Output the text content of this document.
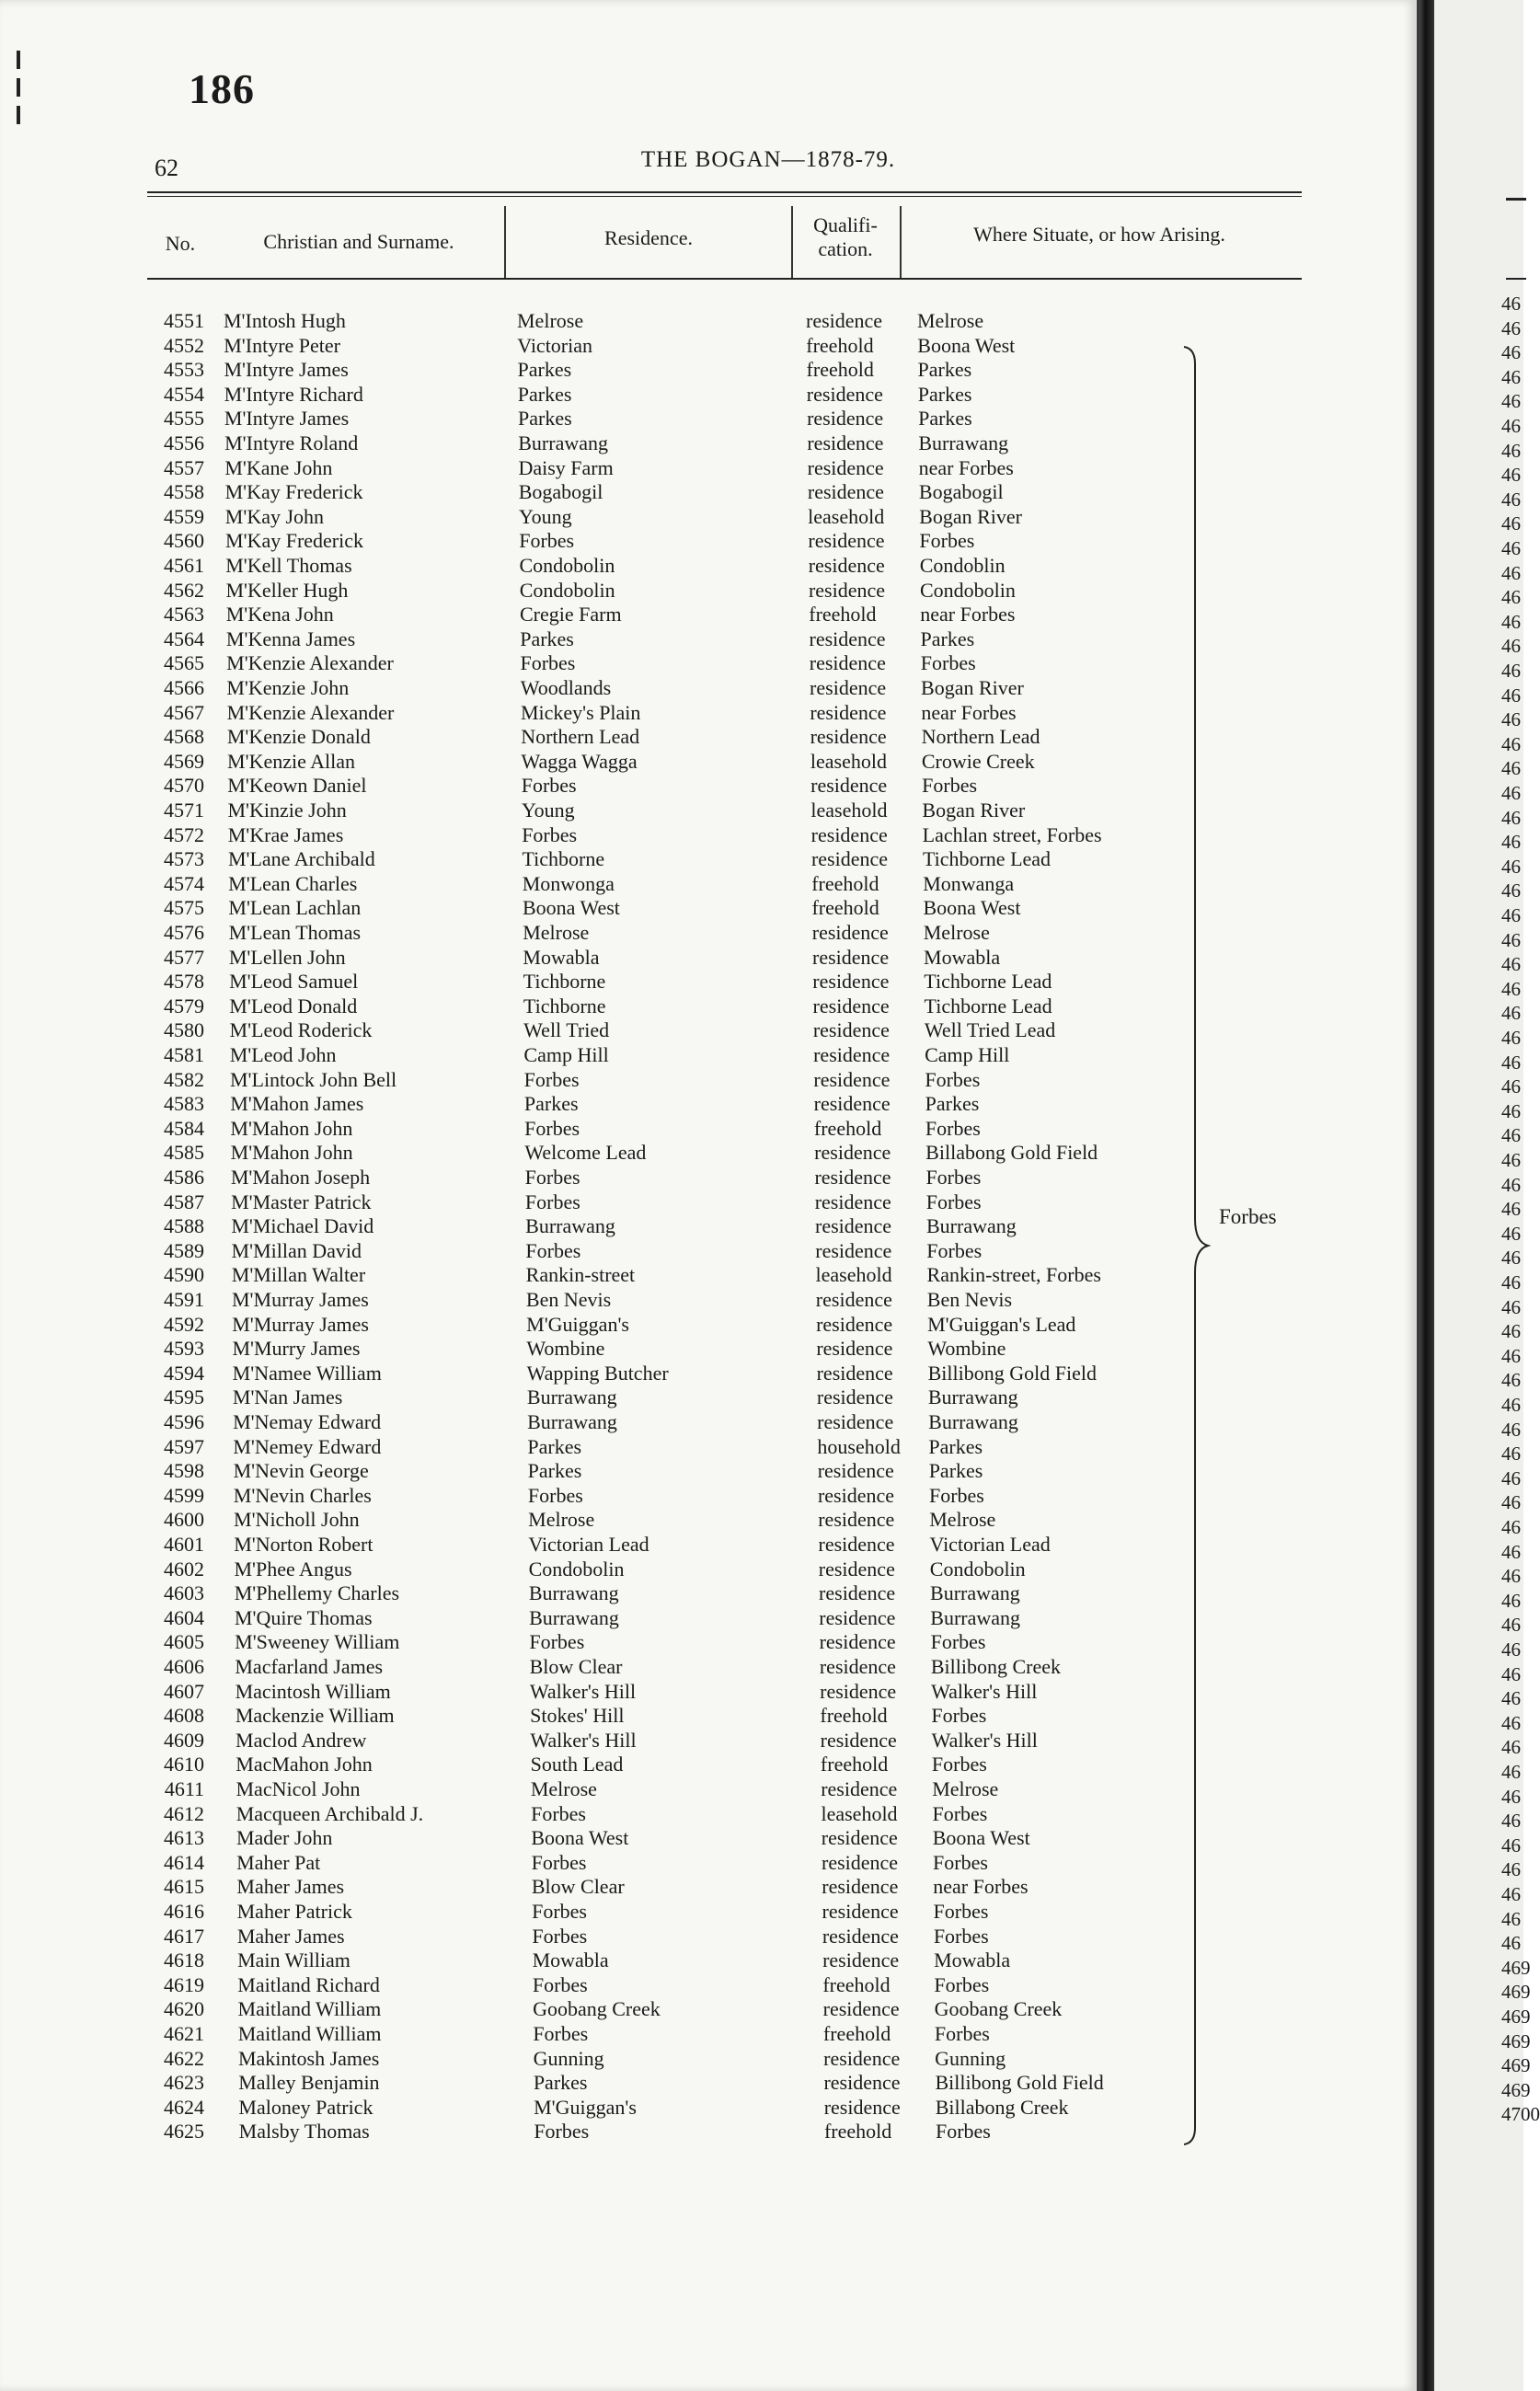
186
62	THE BOGAN—1878-79.
No.	Christian and Surname.	Residence.
Qualifi-
cation.
Where Situate, or how Arising.
4551 M'Intosh Hugh	Melrose	residence Melrose
4552 M'Intyre Peter	Victorian	freehold Boona West
4553 M'Intyre James	Parkes	freehold Parkes
4554 M'Intyre Richard	Parkes	residence Parkes
4555 M'Intyre James	Parkes	residence Parkes
4556 M'Intyre Roland	Burrawang	residence Burrawang
4557 M'Kane John	Daisy Farm	residence near Forbes
4558 M'Kay Frederick	Bogabogil	residence Bogabogil
4559 M'Kay John	Young	leasehold Bogan River
4560 M'Kay Frederick	Forbes	residence Forbes
4561 M'Kell Thomas	Condobolin	residence Condoblin
4562 M'Keller Hugh	Condobolin	residence Condobolin
4563 M'Kena John	Cregie Farm	freehold near Forbes
4564 M'Kenna James	Parkes	residence Parkes
4565 M'Kenzie Alexander	Forbes	residence Forbes
4566 M'Kenzie John	Woodlands	residence Bogan River
4567 M'Kenzie Alexander	Mickey's Plain	residence near Forbes
4568 M'Kenzie Donald	Northern Lead	residence Northern Lead
4569 M'Kenzie Allan	Wagga Wagga	leasehold Crowie Creek
4570 M'Keown Daniel	Forbes	residence Forbes
4571 M'Kinzie John	Young	leasehold Bogan River
4572 M'Krae James	Forbes	residence Lachlan street, Forbes
4573 M'Lane Archibald	Tichborne	residence Tichborne Lead
4574 M'Lean Charles	Monwonga	freehold Monwanga
4575 M'Lean Lachlan	Boona West	freehold Boona West
4576 M'Lean Thomas	Melrose	residence Melrose
4577 M'Lellen John	Mowabla	residence Mowabla
4578 M'Leod Samuel	Tichborne	residence Tichborne Lead
4579 M'Leod Donald	Tichborne	residence Tichborne Lead
4580 M'Leod Roderick	Well Tried	residence Well Tried Lead
4581 M'Leod John	Camp Hill	residence Camp Hill
4582 M'Lintock John Bell	Forbes	residence Forbes
4583 M'Mahon James	Parkes	residence Parkes
4584 M'Mahon John	Forbes	freehold Forbes
4585 M'Mahon John	Welcome Lead	residence Billabong Gold Field
4586 M'Mahon Joseph	Forbes	residence Forbes
4587 M'Master Patrick	Forbes	residence Forbes
4588 M'Michael David	Burrawang	residence Burrawang
4589 M'Millan David	Forbes	residence Forbes
4590 M'Millan Walter	Rankin-street	leasehold Rankin-street, Forbes
4591 M'Murray James	Ben Nevis	residence Ben Nevis
4592 M'Murray James	M'Guiggan's	residence M'Guiggan's Lead
4593 M'Murry James	Wombine	residence Wombine
4594 M'Namee William	Wapping Butcher	residence Billibong Gold Field
4595 M'Nan James	Burrawang	residence Burrawang
4596 M'Nemay Edward	Burrawang	residence Burrawang
4597 M'Nemey Edward	Parkes	household Parkes
4598 M'Nevin George	Parkes	residence Parkes
4599 M'Nevin Charles	Forbes	residence Forbes
4600 M'Nicholl John	Melrose	residence Melrose
4601 M'Norton Robert	Victorian Lead	residence Victorian Lead
4602 M'Phee Angus	Condobolin	residence Condobolin
4603 M'Phellemy Charles	Burrawang	residence Burrawang
4604 M'Quire Thomas	Burrawang	residence Burrawang
4605 M'Sweeney William	Forbes	residence Forbes
4606 Macfarland James	Blow Clear	residence Billibong Creek
4607 Macintosh William	Walker's Hill	residence Walker's Hill
4608 Mackenzie William	Stokes' Hill	freehold Forbes
4609 Maclod Andrew	Walker's Hill	residence Walker's Hill
4610 MacMahon John	South Lead	freehold Forbes
4611 MacNicol John	Melrose	residence Melrose
4612 Macqueen Archibald J.	Forbes	leasehold Forbes
4613 Mader John	Boona West	residence Boona West
4614 Maher Pat	Forbes	residence Forbes
4615 Maher James	Blow Clear	residence near Forbes
4616 Maher Patrick	Forbes	residence Forbes
4617 Maher James	Forbes	residence Forbes
4618 Main William	Mowabla	residence Mowabla
4619 Maitland Richard	Forbes	freehold Forbes
4620 Maitland William	Goobang Creek	residence Goobang Creek
4621 Maitland William	Forbes	freehold Forbes
4622 Makintosh James	Gunning	residence Gunning
4623 Malley Benjamin	Parkes	residence Billibong Gold Field
4624 Maloney Patrick	M'Guiggan's	residence Billabong Creek
4625 Malsby Thomas	Forbes	freehold Forbes
Forbes
46
46
46
46
46
46
46
46
46
46
46
46
46
46
46
46
46
46
46
46
46
46
46
46
46
46
46
46
46
46
46
46
46
46
46
46
46
46
46
46
46
46
46
46
46
46
46
46
46
46
46
46
46
46
46
46
46
46
46
46
46
46
46
46
46
46
46
46
469
469
469
469
469
469
4700
